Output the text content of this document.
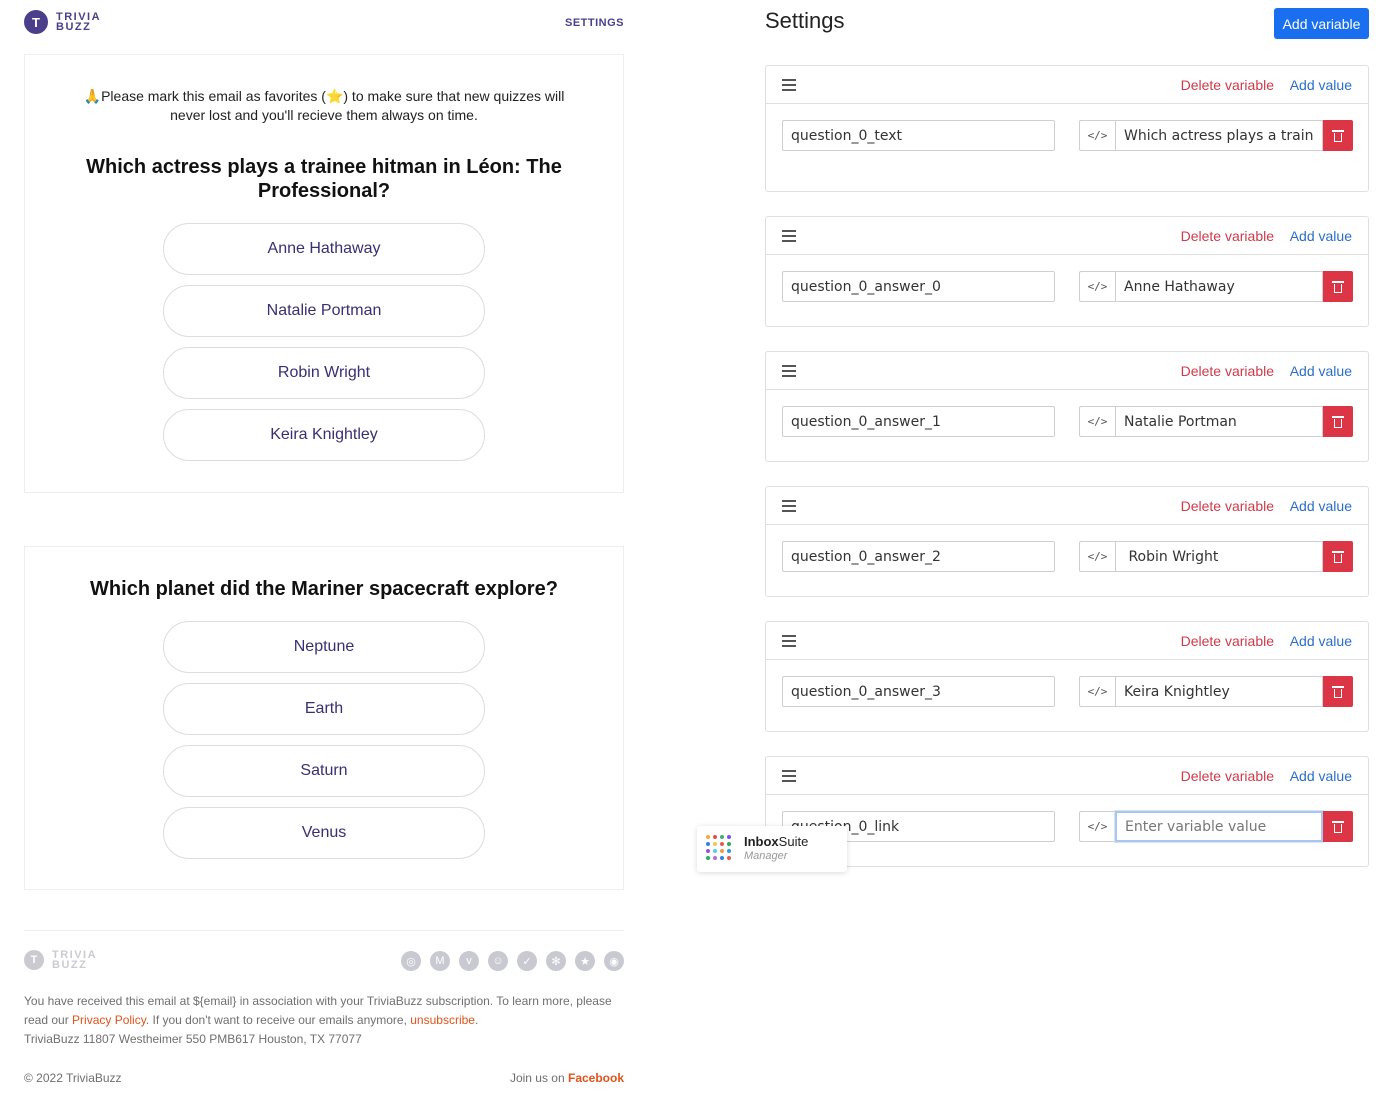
T	TRIVIA
BUZZ	SETTINGS

🙏Please mark this email as favorites (⭐) to make sure that new quizzes will never lost and you'll recieve them always on time.

Which actress plays a trainee hitman in Léon: The Professional?
Anne Hathaway
Natalie Portman
Robin Wright
Keira Knightley
Which planet did the Mariner spacecraft explore?
Neptune
Earth
Saturn
Venus
T	TRIVIA
BUZZ	◎	M	v	☺	✓	✻	★	◉

You have received this email at ${email} in association with your TriviaBuzz subscription. To learn more, please read our Privacy Policy. If you don't want to receive our emails anymore, unsubscribe.
TriviaBuzz 11807 Westheimer 550 PMB617 Houston, TX 77077

© 2022 TriviaBuzz	Join us on Facebook
Settings	Add variable
Delete variable Add value
question_0_text
</>
Which actress plays a trainee hitman in Léon: The Professional?
Delete variable Add value
question_0_answer_0
</>
Anne Hathaway
Delete variable Add value
question_0_answer_1
</>
Natalie Portman
Delete variable Add value
question_0_answer_2
</>
Robin Wright
Delete variable Add value
question_0_answer_3
</>
Keira Knightley
Delete variable Add value
question_0_link
</>
Enter variable value
InboxSuite
Manager
